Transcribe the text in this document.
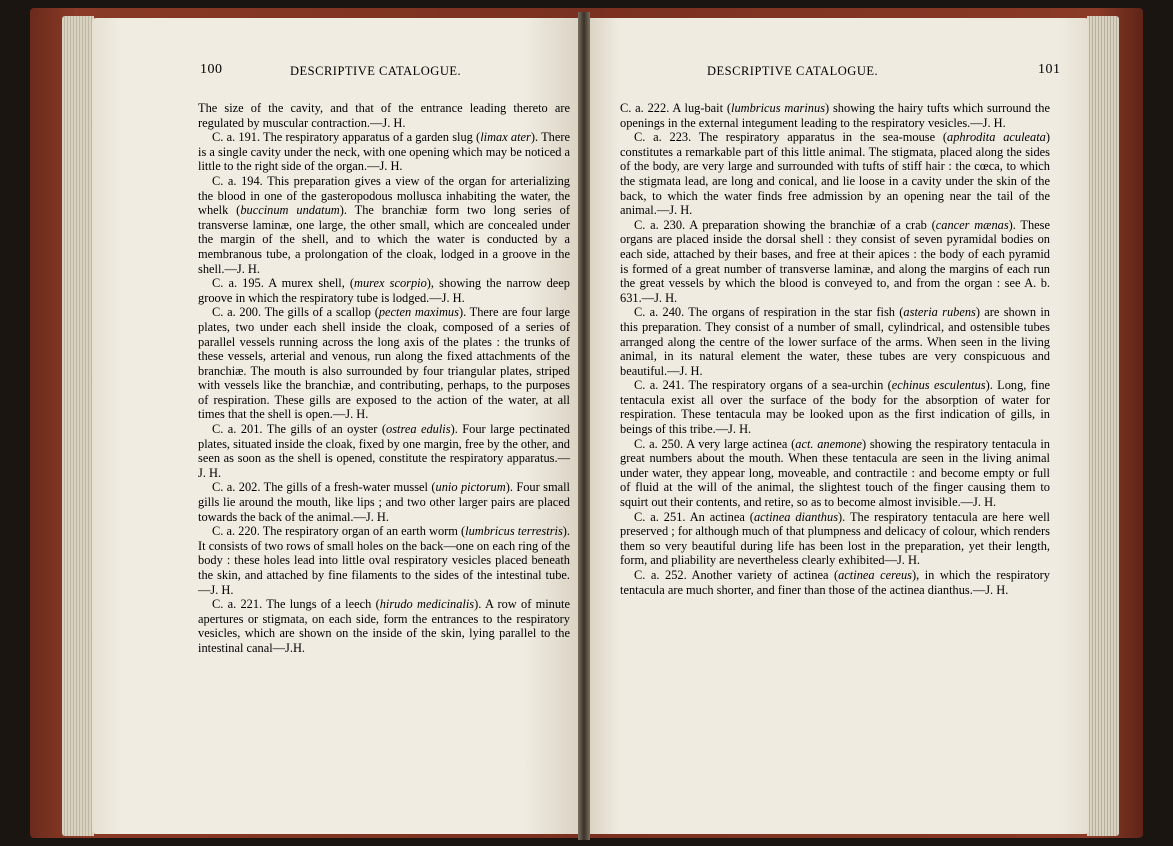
100	DESCRIPTIVE CATALOGUE.

The size of the cavity, and that of the entrance leading thereto are regulated by muscular contraction.—J. H.

C. a. 191. The respiratory apparatus of a garden slug (limax ater). There is a single cavity under the neck, with one opening which may be noticed a little to the right side of the organ.—J. H.

C. a. 194. This preparation gives a view of the organ for arterializing the blood in one of the gasteropodous mollusca inhabiting the water, the whelk (buccinum undatum). The branchiæ form two long series of transverse laminæ, one large, the other small, which are concealed under the margin of the shell, and to which the water is conducted by a membranous tube, a prolongation of the cloak, lodged in a groove in the shell.—J. H.

C. a. 195. A murex shell, (murex scorpio), showing the narrow deep groove in which the respiratory tube is lodged.—J. H.

C. a. 200. The gills of a scallop (pecten maximus). There are four large plates, two under each shell inside the cloak, composed of a series of parallel vessels running across the long axis of the plates : the trunks of these vessels, arterial and venous, run along the fixed attachments of the branchiæ. The mouth is also surrounded by four triangular plates, striped with vessels like the branchiæ, and contributing, perhaps, to the purposes of respiration. These gills are exposed to the action of the water, at all times that the shell is open.—J. H.

C. a. 201. The gills of an oyster (ostrea edulis). Four large pectinated plates, situated inside the cloak, fixed by one margin, free by the other, and seen as soon as the shell is opened, constitute the respiratory apparatus.—J. H.

C. a. 202. The gills of a fresh-water mussel (unio pictorum). Four small gills lie around the mouth, like lips ; and two other larger pairs are placed towards the back of the animal.—J. H.

C. a. 220. The respiratory organ of an earth worm (lumbricus terrestris). It consists of two rows of small holes on the back—one on each ring of the body : these holes lead into little oval respiratory vesicles placed beneath the skin, and attached by fine filaments to the sides of the intestinal tube.—J. H.

C. a. 221. The lungs of a leech (hirudo medicinalis). A row of minute apertures or stigmata, on each side, form the entrances to the respiratory vesicles, which are shown on the inside of the skin, lying parallel to the intestinal canal—J.H.

DESCRIPTIVE CATALOGUE.	101

C. a. 222. A lug-bait (lumbricus marinus) showing the hairy tufts which surround the openings in the external integument leading to the respiratory vesicles.—J. H.

C. a. 223. The respiratory apparatus in the sea-mouse (aphrodita aculeata) constitutes a remarkable part of this little animal. The stigmata, placed along the sides of the body, are very large and surrounded with tufts of stiff hair : the cœca, to which the stigmata lead, are long and conical, and lie loose in a cavity under the skin of the back, to which the water finds free admission by an opening near the tail of the animal.—J. H.

C. a. 230. A preparation showing the branchiæ of a crab (cancer mænas). These organs are placed inside the dorsal shell : they consist of seven pyramidal bodies on each side, attached by their bases, and free at their apices : the body of each pyramid is formed of a great number of transverse laminæ, and along the margins of each run the great vessels by which the blood is conveyed to, and from the organ : see A. b. 631.—J. H.

C. a. 240. The organs of respiration in the star fish (asteria rubens) are shown in this preparation. They consist of a number of small, cylindrical, and ostensible tubes arranged along the centre of the lower surface of the arms. When seen in the living animal, in its natural element the water, these tubes are very conspicuous and beautiful.—J. H.

C. a. 241. The respiratory organs of a sea-urchin (echinus esculentus). Long, fine tentacula exist all over the surface of the body for the absorption of water for respiration. These tentacula may be looked upon as the first indication of gills, in beings of this tribe.—J. H.

C. a. 250. A very large actinea (act. anemone) showing the respiratory tentacula in great numbers about the mouth. When these tentacula are seen in the living animal under water, they appear long, moveable, and contractile : and become empty or full of fluid at the will of the animal, the slightest touch of the finger causing them to squirt out their contents, and retire, so as to become almost invisible.—J. H.

C. a. 251. An actinea (actinea dianthus). The respiratory tentacula are here well preserved ; for although much of that plumpness and delicacy of colour, which renders them so very beautiful during life has been lost in the preparation, yet their length, form, and pliability are nevertheless clearly exhibited—J. H.

C. a. 252. Another variety of actinea (actinea cereus), in which the respiratory tentacula are much shorter, and finer than those of the actinea dianthus.—J. H.
